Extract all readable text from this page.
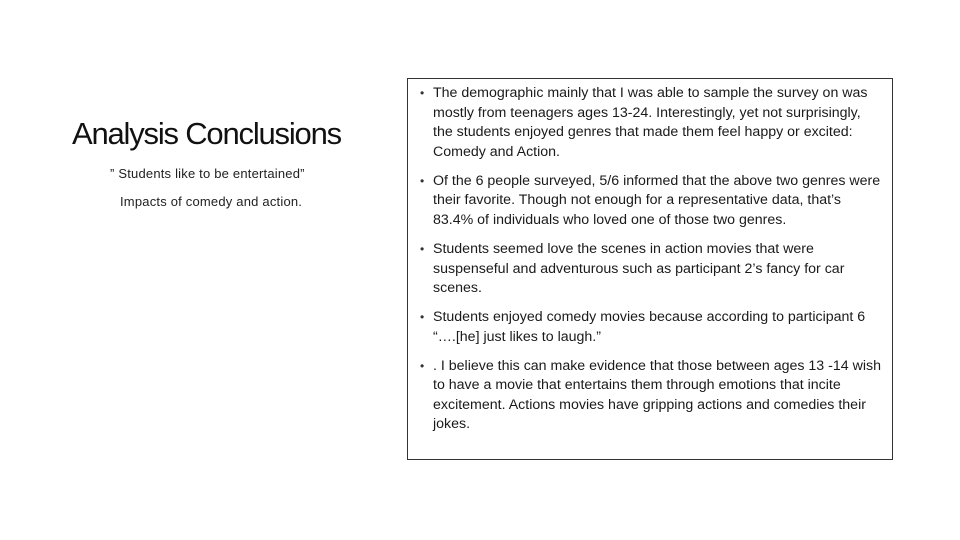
Analysis Conclusions

” Students like to be entertained”

Impacts of comedy and action.

• The demographic mainly that I was able to sample the survey on was mostly from teenagers ages 13-24. Interestingly, yet not surprisingly, the students enjoyed genres that made them feel happy or excited: Comedy and Action.
• Of the 6 people surveyed, 5/6 informed that the above two genres were their favorite. Though not enough for a representative data, that’s 83.4% of individuals who loved one of those two genres.
• Students seemed love the scenes in action movies that were suspenseful and adventurous such as participant 2’s fancy for car scenes.
• Students enjoyed comedy movies because according to participant 6 “….[he] just likes to laugh.”
• . I believe this can make evidence that those between ages 13 -14 wish to have a movie that entertains them through emotions that incite excitement. Actions movies have gripping actions and comedies their jokes.
